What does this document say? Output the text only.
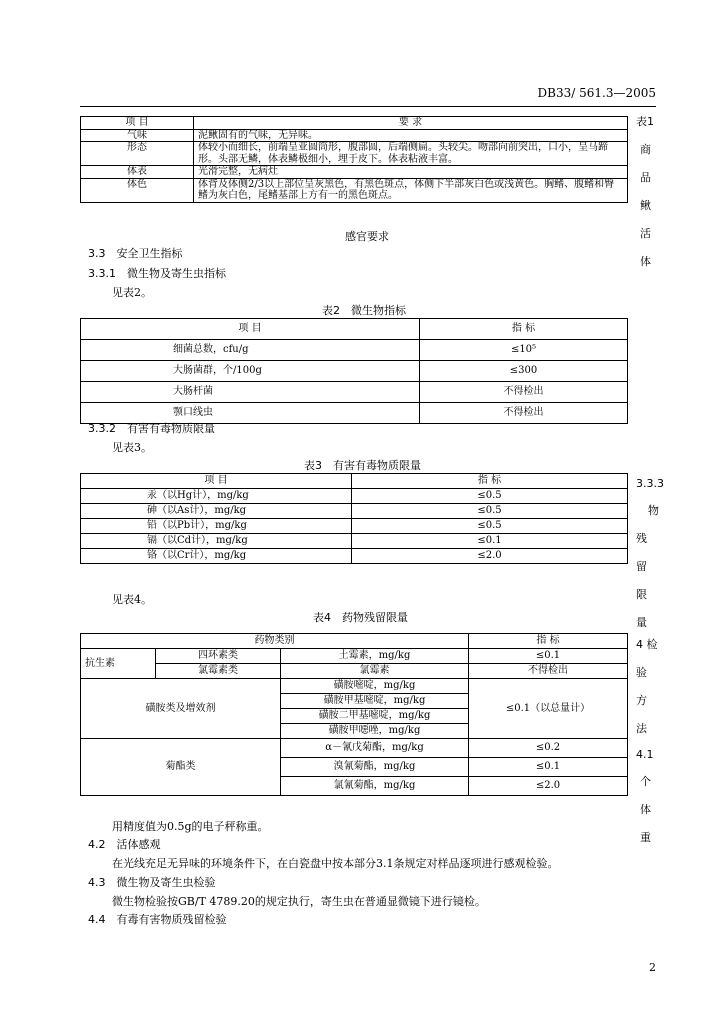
DB33/ 561.3—2005
项 目	要 求
气味	泥鳅固有的气味，无异味。
形态	体较小而细长，前端呈亚圆筒形，腹部圆，后端侧扁。头较尖。吻部向前突出，口小，呈马蹄形。头部无鳞，体表鳞极细小，埋于皮下。体表粘液丰富。
体表	光滑完整，无病灶
体色	体背及体侧2/3以上部位呈灰黑色，有黑色斑点，体侧下半部灰白色或浅黄色。胸鳍、腹鳍和臀鳍为灰白色，尾鳍基部上方有一的黑色斑点。
表1
商
品
鳅
活
体
感官要求
3.3　安全卫生指标
3.3.1　微生物及寄生虫指标
见表2。
表2　微生物指标
项 目	指 标
细菌总数，cfu/g	≤10⁵
大肠菌群，个/100g	≤300
大肠杆菌	不得检出
颚口线虫	不得检出
3.3.2　有害有毒物质限量
见表3。
表3　有害有毒物质限量
项 目	指 标
汞（以Hg计），mg/kg	≤0.5
砷（以As计），mg/kg	≤0.5
铅（以Pb计），mg/kg	≤0.5
镉（以Cd计），mg/kg	≤0.1
铬（以Cr计），mg/kg	≤2.0
3.3.3
物
残
留
限
量
见表4。
表4　药物残留限量
药物类别			指 标
抗生素	四环素类	土霉素，mg/kg	≤0.1
	氯霉素类	氯霉素	不得检出
磺胺类及增效剂		磺胺嘧啶，mg/kg	≤0.1（以总量计）
		磺胺甲基嘧啶，mg/kg	
		磺胺二甲基嘧啶，mg/kg	
		磺胺甲噁唑，mg/kg	
菊酯类		α－氰戊菊酯，mg/kg	≤0.2
		溴氰菊酯，mg/kg	≤0.1
		氯氰菊酯，mg/kg	≤2.0
4 检
验
方
法
4.1
个
体
重
用精度值为0.5g的电子秤称重。
4.2　活体感观
在光线充足无异味的环境条件下，在白瓷盘中按本部分3.1条规定对样品逐项进行感观检验。
4.3　微生物及寄生虫检验
微生物检验按GB/T 4789.20的规定执行，寄生虫在普通显微镜下进行镜检。
4.4　有毒有害物质残留检验
2
